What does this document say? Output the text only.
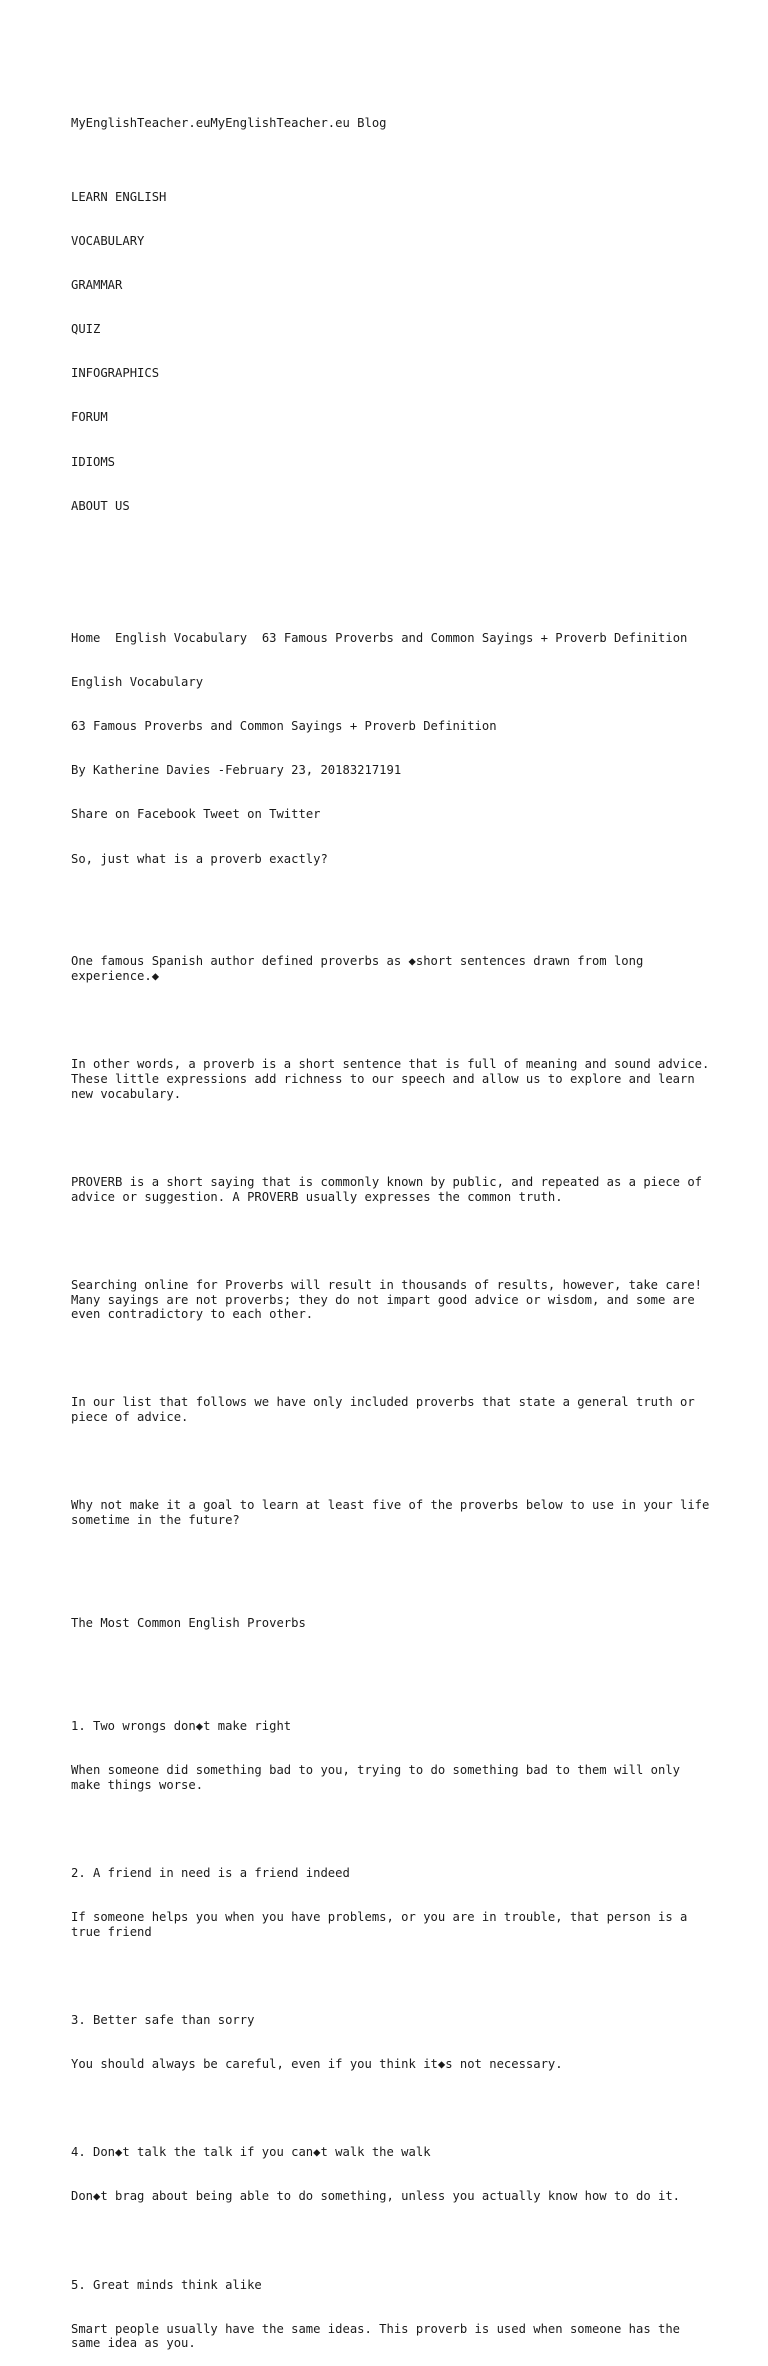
MyEnglishTeacher.euMyEnglishTeacher.eu Blog

LEARN ENGLISH

VOCABULARY

GRAMMAR

QUIZ

INFOGRAPHICS

FORUM

IDIOMS

ABOUT US

Home English Vocabulary 63 Famous Proverbs and Common Sayings + Proverb Definition

English Vocabulary

63 Famous Proverbs and Common Sayings + Proverb Definition

By Katherine Davies -February 23, 20183217191

Share on Facebook Tweet on Twitter

So, just what is a proverb exactly?

One famous Spanish author defined proverbs as ◆short sentences drawn from long experience.◆

In other words, a proverb is a short sentence that is full of meaning and sound advice. These little expressions add richness to our speech and allow us to explore and learn new vocabulary.

PROVERB is a short saying that is commonly known by public, and repeated as a piece of advice or suggestion. A PROVERB usually expresses the common truth.

Searching online for Proverbs will result in thousands of results, however, take care! Many sayings are not proverbs; they do not impart good advice or wisdom, and some are even contradictory to each other.

In our list that follows we have only included proverbs that state a general truth or piece of advice.

Why not make it a goal to learn at least five of the proverbs below to use in your life sometime in the future?

The Most Common English Proverbs

1. Two wrongs don◆t make right

When someone did something bad to you, trying to do something bad to them will only make things worse.

2. A friend in need is a friend indeed

If someone helps you when you have problems, or you are in trouble, that person is a true friend

3. Better safe than sorry

You should always be careful, even if you think it◆s not necessary.

4. Don◆t talk the talk if you can◆t walk the walk

Don◆t brag about being able to do something, unless you actually know how to do it.

5. Great minds think alike

Smart people usually have the same ideas. This proverb is used when someone has the same idea as you.
